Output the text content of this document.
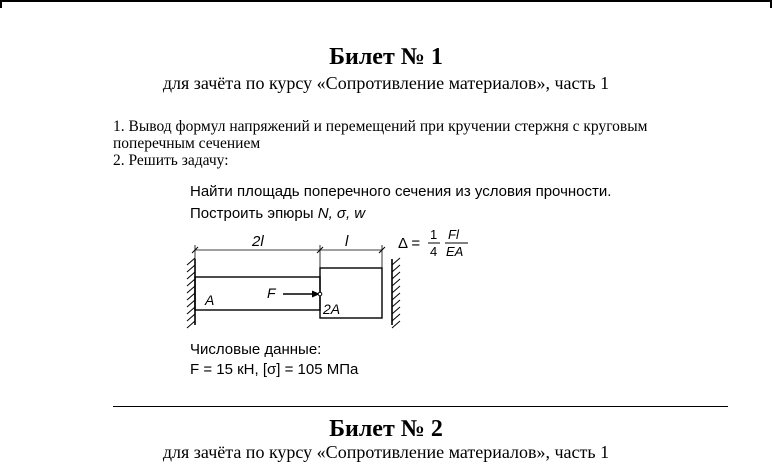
Билет № 1
для зачёта по курсу «Сопротивление материалов», часть 1
1. Вывод формул напряжений и перемещений при кручении стержня с круговым
поперечным сечением
2. Решить задачу:
Найти площадь поперечного сечения из условия прочности.
Построить эпюры N, σ, w
2l	l
F
A
2A
Δ =
1
4
Fl
EA
Числовые данные:
F = 15 кН, [σ] = 105 МПа
Билет № 2
для зачёта по курсу «Сопротивление материалов», часть 1
